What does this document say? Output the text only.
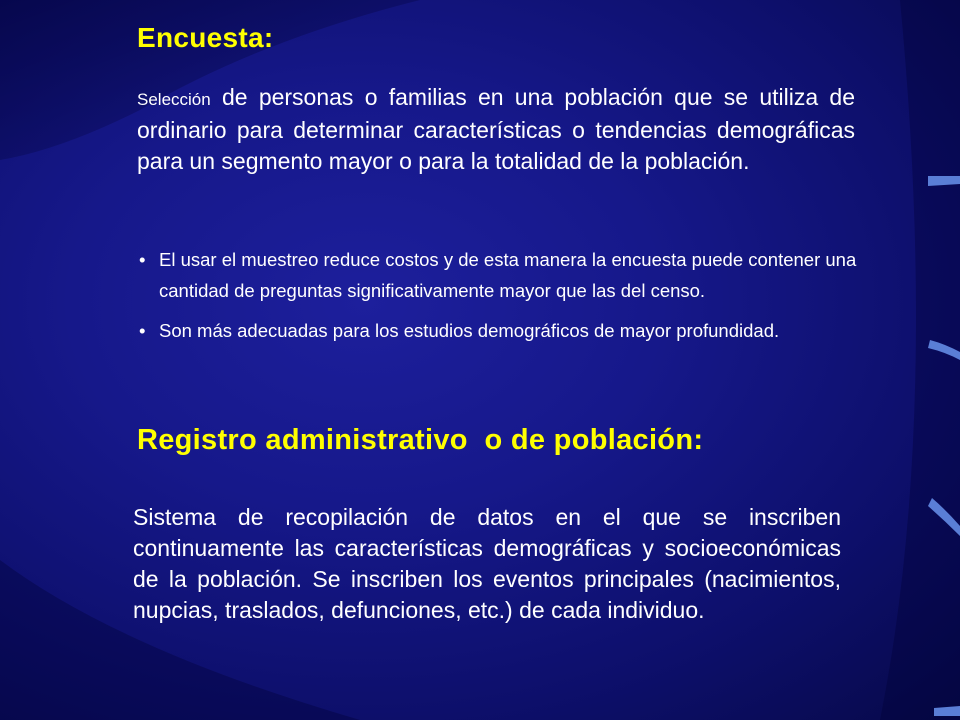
Encuesta:

Selección de personas o familias en una población que se utiliza de ordinario para determinar características o tendencias demográficas para un segmento mayor o para la totalidad de la población.

• El usar el muestreo reduce costos y de esta manera la encuesta puede contener una cantidad de preguntas significativamente mayor que las del censo.
• Son más adecuadas para los estudios demográficos de mayor profundidad.
Registro administrativo  o de población:

Sistema de recopilación de datos en el que se inscriben continuamente las características demográficas y socioeconómicas de la población. Se inscriben los eventos principales (nacimientos, nupcias, traslados, defunciones, etc.) de cada individuo.
